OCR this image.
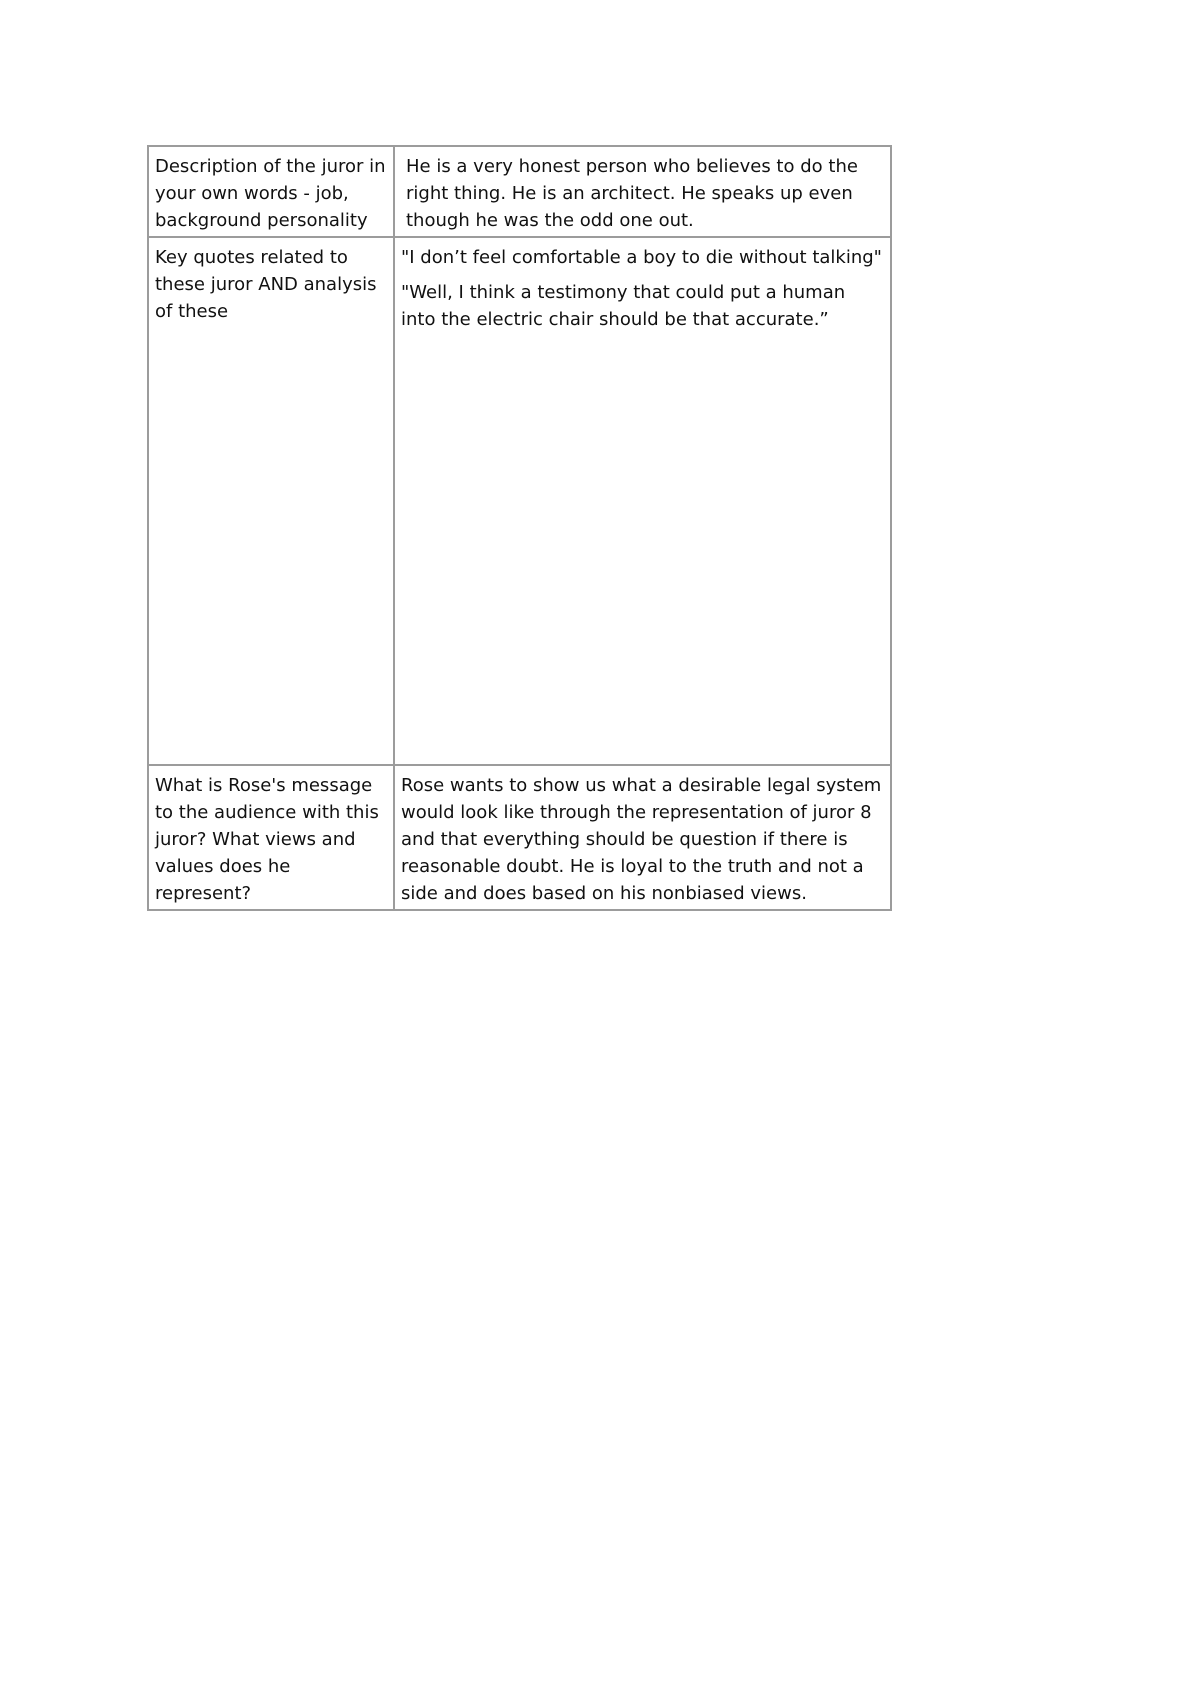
Description of the juror in your own words - job, background personality	He is a very honest person who believes to do the right thing. He is an architect. He speaks up even though he was the odd one out.

Key quotes related to these juror AND analysis of these	"I don’t feel comfortable a boy to die without talking"
"Well, I think a testimony that could put a human into the electric chair should be that accurate.”

What is Rose's message to the audience with this juror? What views and values does he represent?	Rose wants to show us what a desirable legal system would look like through the representation of juror 8 and that everything should be question if there is reasonable doubt. He is loyal to the truth and not a side and does based on his nonbiased views.
